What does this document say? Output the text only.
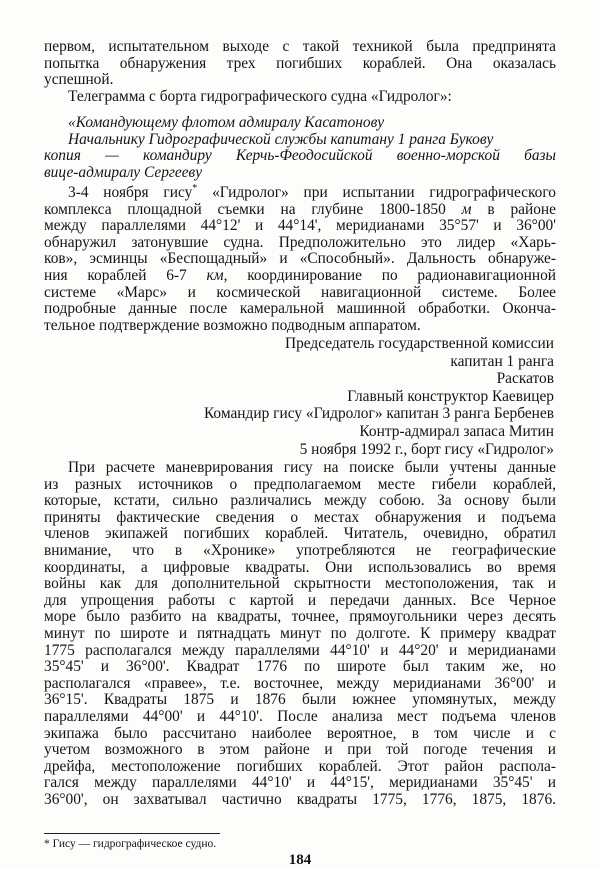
первом, испытательном выходе с такой техникой была предпринята
попытка обнаружения трех погибших кораблей. Она оказалась
успешной.
Телеграмма с борта гидрографического судна «Гидролог»:
«Командующему флотом адмиралу Касатонову
Начальнику Гидрографической службы капитану 1 ранга Букову
копия — командиру Керчь-Феодосийской военно-морской базы
вице-адмиралу Сергееву
3-4 ноября гису* «Гидролог» при испытании гидрографического
комплекса площадной съемки на глубине 1800-1850 м в районе
между параллелями 44°12' и 44°14', меридианами 35°57' и 36°00'
обнаружил затонувшие судна. Предположительно это лидер «Харь-
ков», эсминцы «Беспощадный» и «Способный». Дальность обнаруже-
ния кораблей 6-7 км, координирование по радионавигационной
системе «Марс» и космической навигационной системе. Более
подробные данные после камеральной машинной обработки. Оконча-
тельное подтверждение возможно подводным аппаратом.
Председатель государственной комиссии
капитан 1 ранга
Раскатов
Главный конструктор Каевицер
Командир гису «Гидролог» капитан 3 ранга Бербенев
Контр-адмирал запаса Митин
5 ноября 1992 г., борт гису «Гидролог»
При расчете маневрирования гису на поиске были учтены данные
из разных источников о предполагаемом месте гибели кораблей,
которые, кстати, сильно различались между собою. За основу были
приняты фактические сведения о местах обнаружения и подъема
членов экипажей погибших кораблей. Читатель, очевидно, обратил
внимание, что в «Хронике» употребляются не географические
координаты, а цифровые квадраты. Они использовались во время
войны как для дополнительной скрытности местоположения, так и
для упрощения работы с картой и передачи данных. Все Черное
море было разбито на квадраты, точнее, прямоугольники через десять
минут по широте и пятнадцать минут по долготе. К примеру квадрат
1775 располагался между параллелями 44°10' и 44°20' и меридианами
35°45' и 36°00'. Квадрат 1776 по широте был таким же, но
располагался «правее», т.е. восточнее, между меридианами 36°00' и
36°15'. Квадраты 1875 и 1876 были южнее упомянутых, между
параллелями 44°00' и 44°10'. После анализа мест подъема членов
экипажа было рассчитано наиболее вероятное, в том числе и с
учетом возможного в этом районе и при той погоде течения и
дрейфа, местоположение погибших кораблей. Этот район распола-
гался между параллелями 44°10' и 44°15', меридианами 35°45' и
36°00', он захватывал частично квадраты 1775, 1776, 1875, 1876.
* Гису — гидрографическое судно.
184
